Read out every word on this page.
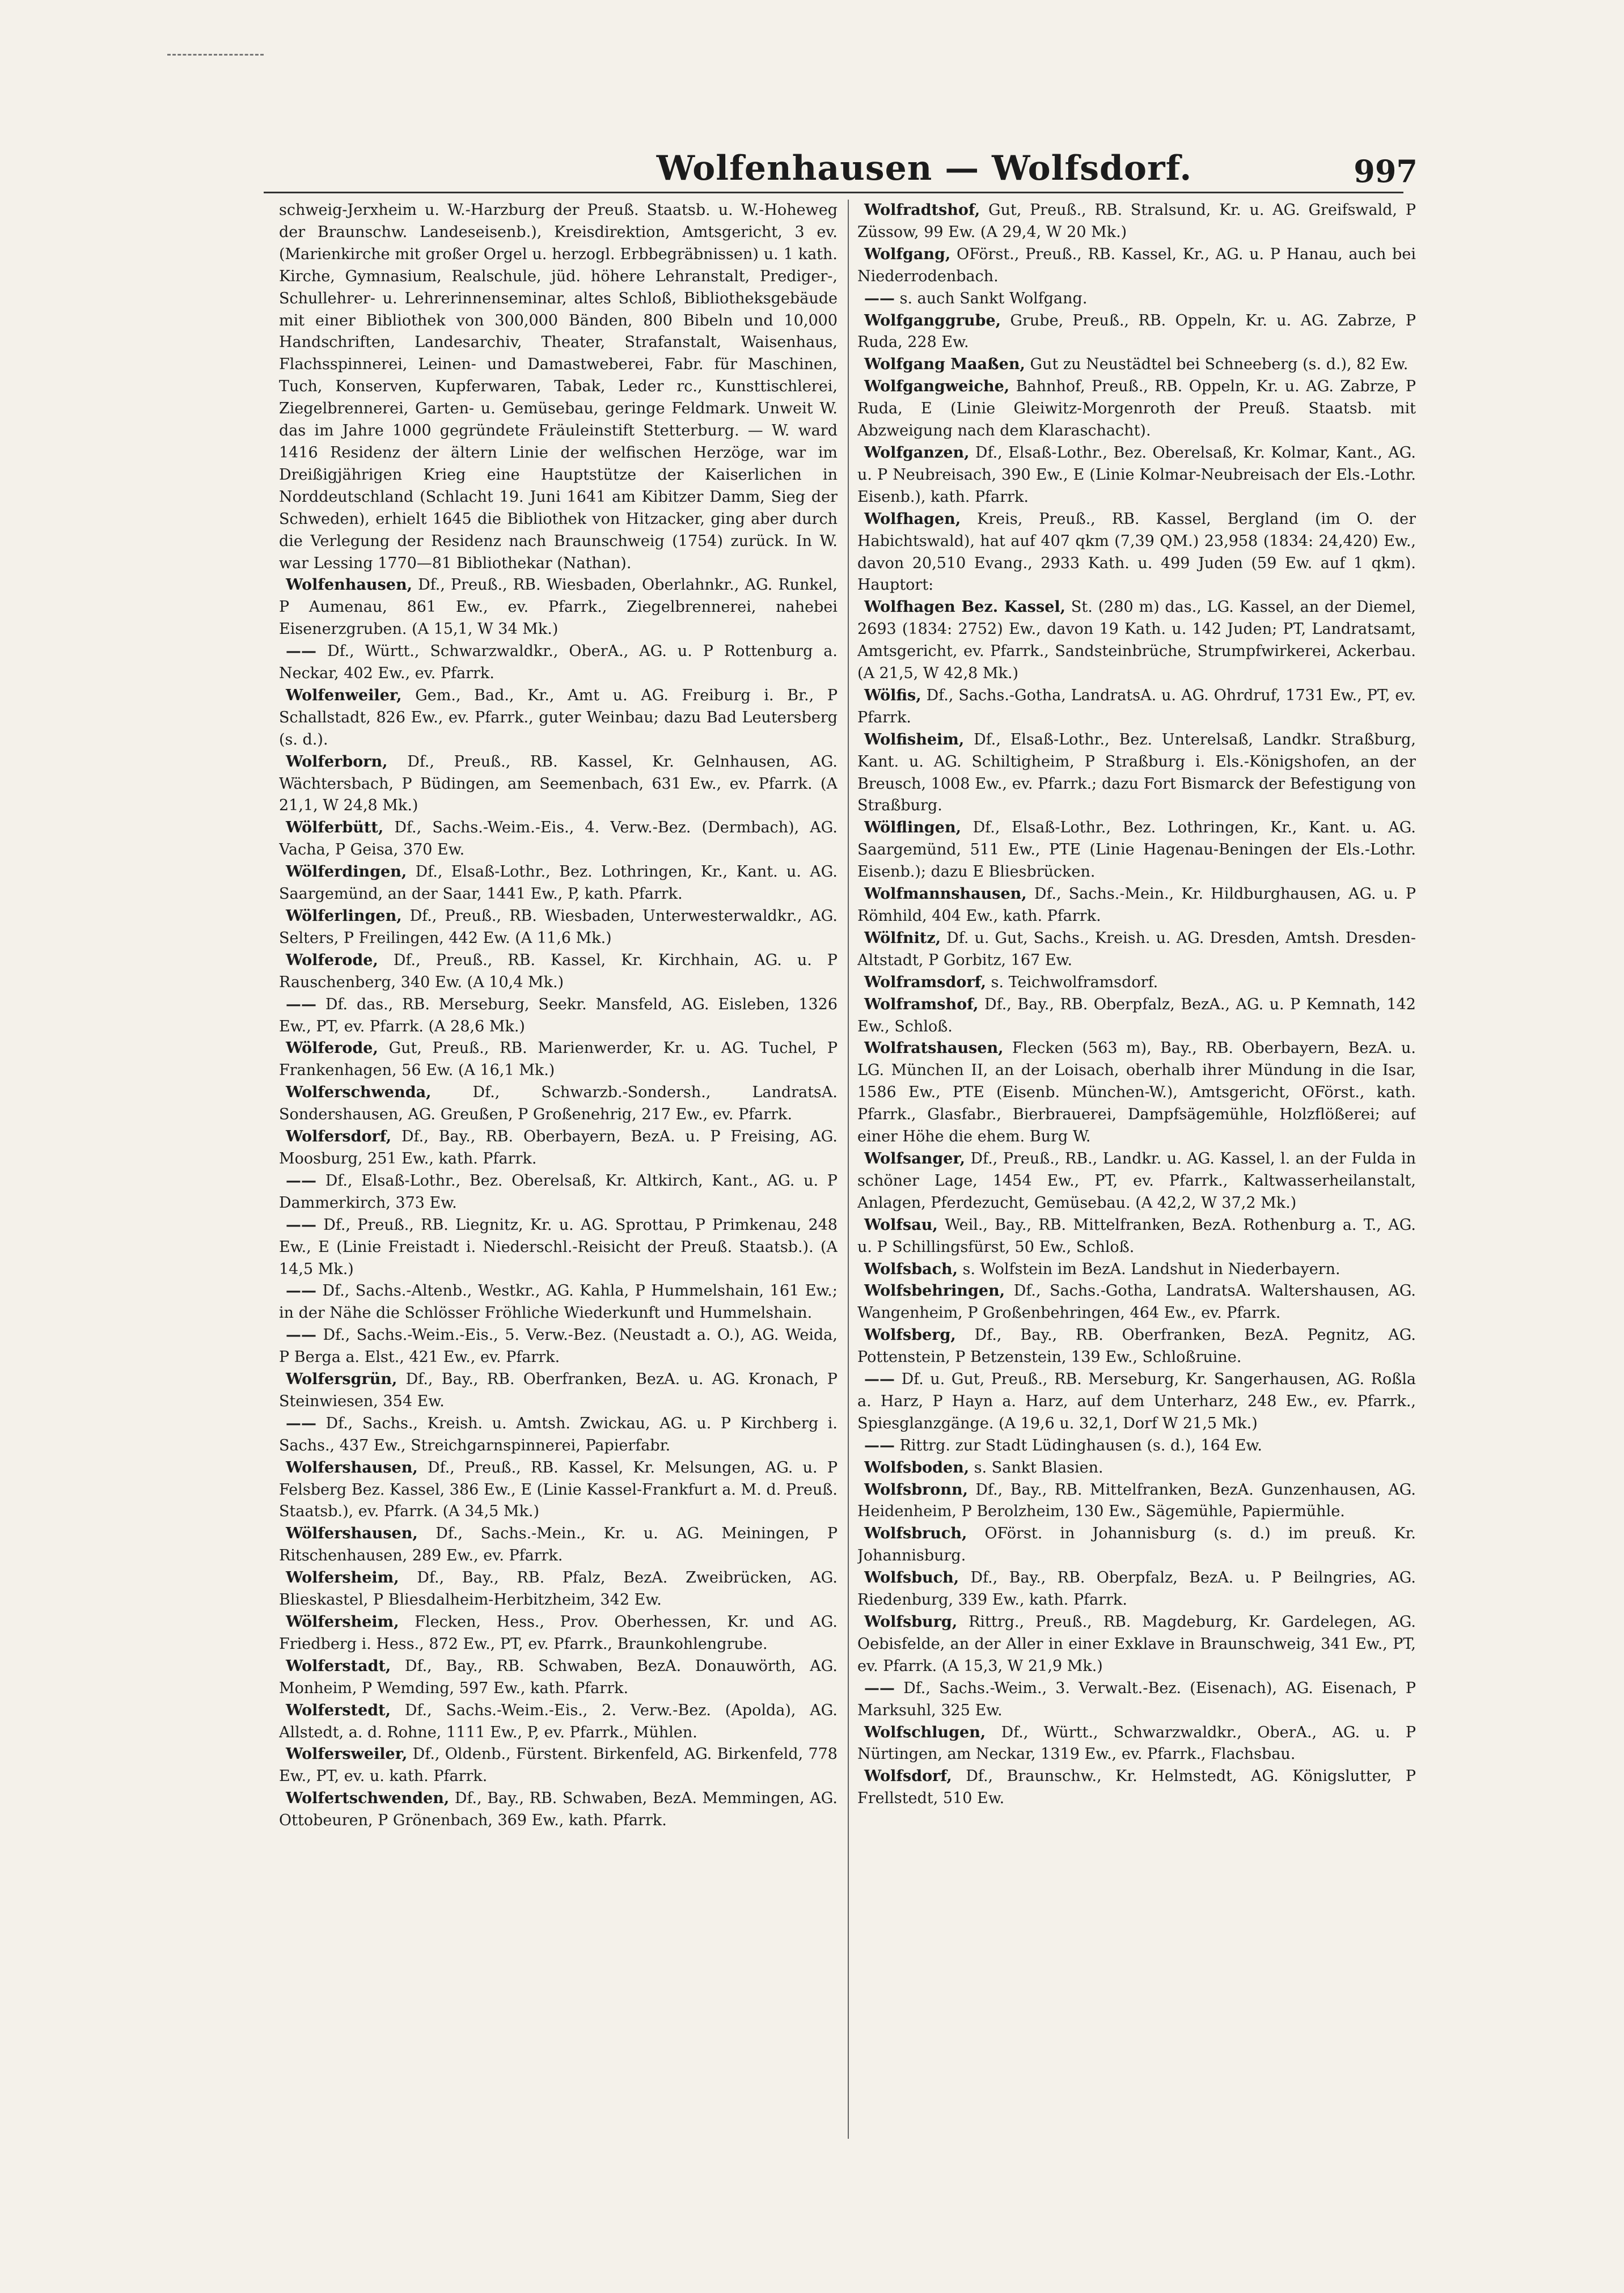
Wolfenhausen — Wolfsdorf.	997

schweig-Jerxheim u. W.-Harzburg der Preuß. Staatsb. u. W.-Hoheweg der Braunschw. Landeseisenb.), Kreisdirektion, Amtsgericht, 3 ev. (Marienkirche mit großer Orgel u. herzogl. Erbbegräbnissen) u. 1 kath. Kirche, Gymnasium, Realschule, jüd. höhere Lehranstalt, Prediger-, Schullehrer- u. Lehrerinnenseminar, altes Schloß, Bibliotheksgebäude mit einer Bibliothek von 300,000 Bänden, 800 Bibeln und 10,000 Handschriften, Landesarchiv, Theater, Strafanstalt, Waisenhaus, Flachsspinnerei, Leinen- und Damastweberei, Fabr. für Maschinen, Tuch, Konserven, Kupferwaren, Tabak, Leder rc., Kunsttischlerei, Ziegelbrennerei, Garten- u. Gemüsebau, geringe Feldmark. Unweit W. das im Jahre 1000 gegründete Fräuleinstift Stetterburg. — W. ward 1416 Residenz der ältern Linie der welfischen Herzöge, war im Dreißigjährigen Krieg eine Hauptstütze der Kaiserlichen in Norddeutschland (Schlacht 19. Juni 1641 am Kibitzer Damm, Sieg der Schweden), erhielt 1645 die Bibliothek von Hitzacker, ging aber durch die Verlegung der Residenz nach Braunschweig (1754) zurück. In W. war Lessing 1770—81 Bibliothekar (Nathan).

Wolfenhausen, Df., Preuß., RB. Wiesbaden, Oberlahnkr., AG. Runkel, P Aumenau, 861 Ew., ev. Pfarrk., Ziegelbrennerei, nahebei Eisenerzgruben. (A 15,1, W 34 Mk.)

—— Df., Württ., Schwarzwaldkr., OberA., AG. u. P Rottenburg a. Neckar, 402 Ew., ev. Pfarrk.

Wolfenweiler, Gem., Bad., Kr., Amt u. AG. Freiburg i. Br., P Schallstadt, 826 Ew., ev. Pfarrk., guter Weinbau; dazu Bad Leutersberg (s. d.).

Wolferborn, Df., Preuß., RB. Kassel, Kr. Gelnhausen, AG. Wächtersbach, P Büdingen, am Seemenbach, 631 Ew., ev. Pfarrk. (A 21,1, W 24,8 Mk.)

Wölferbütt, Df., Sachs.-Weim.-Eis., 4. Verw.-Bez. (Dermbach), AG. Vacha, P Geisa, 370 Ew.

Wölferdingen, Df., Elsaß-Lothr., Bez. Lothringen, Kr., Kant. u. AG. Saargemünd, an der Saar, 1441 Ew., P, kath. Pfarrk.

Wölferlingen, Df., Preuß., RB. Wiesbaden, Unterwesterwaldkr., AG. Selters, P Freilingen, 442 Ew. (A 11,6 Mk.)

Wolferode, Df., Preuß., RB. Kassel, Kr. Kirchhain, AG. u. P Rauschenberg, 340 Ew. (A 10,4 Mk.)

—— Df. das., RB. Merseburg, Seekr. Mansfeld, AG. Eisleben, 1326 Ew., PT, ev. Pfarrk. (A 28,6 Mk.)

Wölferode, Gut, Preuß., RB. Marienwerder, Kr. u. AG. Tuchel, P Frankenhagen, 56 Ew. (A 16,1 Mk.)

Wolferschwenda,	Df., Schwarzb.-Sondersh., LandratsA. Sondershausen, AG. Greußen, P Großenehrig, 217 Ew., ev. Pfarrk.

Wolfersdorf, Df., Bay., RB. Oberbayern, BezA. u. P Freising, AG. Moosburg, 251 Ew., kath. Pfarrk.

—— Df., Elsaß-Lothr., Bez. Oberelsaß, Kr. Altkirch, Kant., AG. u. P Dammerkirch, 373 Ew.

—— Df., Preuß., RB. Liegnitz, Kr. u. AG. Sprottau, P Primkenau, 248 Ew., E (Linie Freistadt i. Niederschl.-Reisicht der Preuß. Staatsb.). (A 14,5 Mk.)

—— Df., Sachs.-Altenb., Westkr., AG. Kahla, P Hummelshain, 161 Ew.; in der Nähe die Schlösser Fröhliche Wiederkunft und Hummelshain.

—— Df., Sachs.-Weim.-Eis., 5. Verw.-Bez. (Neustadt a. O.), AG. Weida, P Berga a. Elst., 421 Ew., ev. Pfarrk.

Wolfersgrün, Df., Bay., RB. Oberfranken, BezA. u. AG. Kronach, P Steinwiesen, 354 Ew.

—— Df., Sachs., Kreish. u. Amtsh. Zwickau, AG. u. P Kirchberg i. Sachs., 437 Ew., Streichgarnspinnerei, Papierfabr.

Wolfershausen, Df., Preuß., RB. Kassel, Kr. Melsungen, AG. u. P Felsberg Bez. Kassel, 386 Ew., E (Linie Kassel-Frankfurt a. M. d. Preuß. Staatsb.), ev. Pfarrk. (A 34,5 Mk.)

Wölfershausen, Df., Sachs.-Mein., Kr. u. AG. Meiningen, P Ritschenhausen, 289 Ew., ev. Pfarrk.

Wolfersheim, Df., Bay., RB. Pfalz, BezA. Zweibrücken, AG. Blieskastel, P Bliesdalheim-Herbitzheim, 342 Ew.

Wölfersheim, Flecken, Hess., Prov. Oberhessen, Kr. und AG. Friedberg i. Hess., 872 Ew., PT, ev. Pfarrk., Braunkohlengrube.

Wolferstadt, Df., Bay., RB. Schwaben, BezA. Donauwörth, AG. Monheim, P Wemding, 597 Ew., kath. Pfarrk.

Wolferstedt, Df., Sachs.-Weim.-Eis., 2. Verw.-Bez. (Apolda), AG. Allstedt, a. d. Rohne, 1111 Ew., P, ev. Pfarrk., Mühlen.

Wolfersweiler, Df., Oldenb., Fürstent. Birkenfeld, AG. Birkenfeld, 778 Ew., PT, ev. u. kath. Pfarrk.

Wolfertschwenden, Df., Bay., RB. Schwaben, BezA. Memmingen, AG. Ottobeuren, P Grönenbach, 369 Ew., kath. Pfarrk.

Wolfradtshof, Gut, Preuß., RB. Stralsund, Kr. u. AG. Greifswald, P Züssow, 99 Ew. (A 29,4, W 20 Mk.)

Wolfgang, OFörst., Preuß., RB. Kassel, Kr., AG. u. P Hanau, auch bei Niederrodenbach.

—— s. auch Sankt Wolfgang.

Wolfganggrube, Grube, Preuß., RB. Oppeln, Kr. u. AG. Zabrze, P Ruda, 228 Ew.

Wolfgang Maaßen, Gut zu Neustädtel bei Schneeberg (s. d.), 82 Ew.

Wolfgangweiche, Bahnhof, Preuß., RB. Oppeln, Kr. u. AG. Zabrze, P Ruda, E (Linie Gleiwitz-Morgenroth der Preuß. Staatsb. mit Abzweigung nach dem Klaraschacht).

Wolfganzen, Df., Elsaß-Lothr., Bez. Oberelsaß, Kr. Kolmar, Kant., AG. u. P Neubreisach, 390 Ew., E (Linie Kolmar-Neubreisach der Els.-Lothr. Eisenb.), kath. Pfarrk.

Wolfhagen, Kreis, Preuß., RB. Kassel, Bergland (im O. der Habichtswald), hat auf 407 qkm (7,39 QM.) 23,958 (1834: 24,420) Ew., davon 20,510 Evang., 2933 Kath. u. 499 Juden (59 Ew. auf 1 qkm). Hauptort:

Wolfhagen Bez. Kassel, St. (280 m) das., LG. Kassel, an der Diemel, 2693 (1834: 2752) Ew., davon 19 Kath. u. 142 Juden; PT, Landratsamt, Amtsgericht, ev. Pfarrk., Sandsteinbrüche, Strumpfwirkerei, Ackerbau. (A 21,5, W 42,8 Mk.)

Wölfis, Df., Sachs.-Gotha, LandratsA. u. AG. Ohrdruf, 1731 Ew., PT, ev. Pfarrk.

Wolfisheim, Df., Elsaß-Lothr., Bez. Unterelsaß, Landkr. Straßburg, Kant. u. AG. Schiltigheim, P Straßburg i. Els.-Königshofen, an der Breusch, 1008 Ew., ev. Pfarrk.; dazu Fort Bismarck der Befestigung von Straßburg.

Wölflingen, Df., Elsaß-Lothr., Bez. Lothringen, Kr., Kant. u. AG. Saargemünd, 511 Ew., PTE (Linie Hagenau-Beningen der Els.-Lothr. Eisenb.); dazu E Bliesbrücken.

Wolfmannshausen, Df., Sachs.-Mein., Kr. Hildburghausen, AG. u. P Römhild, 404 Ew., kath. Pfarrk.

Wölfnitz, Df. u. Gut, Sachs., Kreish. u. AG. Dresden, Amtsh. Dresden-Altstadt, P Gorbitz, 167 Ew.

Wolframsdorf, s. Teichwolframsdorf.

Wolframshof, Df., Bay., RB. Oberpfalz, BezA., AG. u. P Kemnath, 142 Ew., Schloß.

Wolfratshausen, Flecken (563 m), Bay., RB. Oberbayern, BezA. u. LG. München II, an der Loisach, oberhalb ihrer Mündung in die Isar, 1586 Ew., PTE (Eisenb. München-W.), Amtsgericht, OFörst., kath. Pfarrk., Glasfabr., Bierbrauerei, Dampfsägemühle, Holzflößerei; auf einer Höhe die ehem. Burg W.

Wolfsanger, Df., Preuß., RB., Landkr. u. AG. Kassel, l. an der Fulda in schöner Lage, 1454 Ew., PT, ev. Pfarrk., Kaltwasserheilanstalt, Anlagen, Pferdezucht, Gemüsebau. (A 42,2, W 37,2 Mk.)

Wolfsau, Weil., Bay., RB. Mittelfranken, BezA. Rothenburg a. T., AG. u. P Schillingsfürst, 50 Ew., Schloß.

Wolfsbach, s. Wolfstein im BezA. Landshut in Niederbayern.

Wolfsbehringen, Df., Sachs.-Gotha, LandratsA. Waltershausen, AG. Wangenheim, P Großenbehringen, 464 Ew., ev. Pfarrk.

Wolfsberg, Df., Bay., RB. Oberfranken, BezA. Pegnitz, AG. Pottenstein, P Betzenstein, 139 Ew., Schloßruine.

—— Df. u. Gut, Preuß., RB. Merseburg, Kr. Sangerhausen, AG. Roßla a. Harz, P Hayn a. Harz, auf dem Unterharz, 248 Ew., ev. Pfarrk., Spiesglanzgänge. (A 19,6 u. 32,1, Dorf W 21,5 Mk.)

—— Rittrg. zur Stadt Lüdinghausen (s. d.), 164 Ew.

Wolfsboden, s. Sankt Blasien.

Wolfsbronn, Df., Bay., RB. Mittelfranken, BezA. Gunzenhausen, AG. Heidenheim, P Berolzheim, 130 Ew., Sägemühle, Papiermühle.

Wolfsbruch, OFörst. in Johannisburg (s. d.) im preuß. Kr. Johannisburg.

Wolfsbuch, Df., Bay., RB. Oberpfalz, BezA. u. P Beilngries, AG. Riedenburg, 339 Ew., kath. Pfarrk.

Wolfsburg, Rittrg., Preuß., RB. Magdeburg, Kr. Gardelegen, AG. Oebisfelde, an der Aller in einer Exklave in Braunschweig, 341 Ew., PT, ev. Pfarrk. (A 15,3, W 21,9 Mk.)

—— Df., Sachs.-Weim., 3. Verwalt.-Bez. (Eisenach), AG. Eisenach, P Marksuhl, 325 Ew.

Wolfschlugen, Df., Württ., Schwarzwaldkr., OberA., AG. u. P Nürtingen, am Neckar, 1319 Ew., ev. Pfarrk., Flachsbau.

Wolfsdorf, Df., Braunschw., Kr. Helmstedt, AG. Königslutter, P Frellstedt, 510 Ew.
